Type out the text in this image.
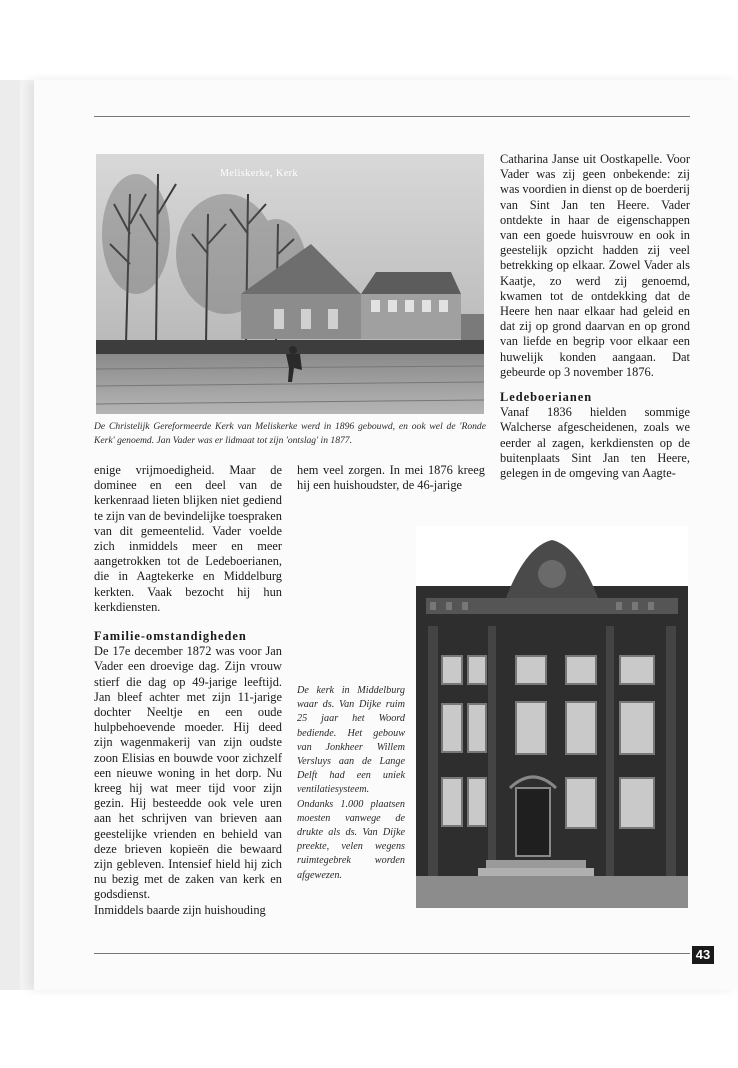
Meliskerke, Kerk
De Christelijk Gereformeerde Kerk van Meliskerke werd in 1896 gebouwd, en ook wel de 'Ronde Kerk' genoemd. Jan Vader was er lidmaat tot zijn 'ontslag' in 1877.

Catharina Janse uit Oostkapelle. Voor Vader was zij geen onbekende: zij was voordien in dienst op de boerderij van Sint Jan ten Heere. Vader ontdekte in haar de eigenschappen van een goede huisvrouw en ook in geestelijk opzicht hadden zij veel betrekking op elkaar. Zowel Vader als Kaatje, zo werd zij genoemd, kwamen tot de ontdekking dat de Heere hen naar elkaar had geleid en dat zij op grond daarvan en op grond van liefde en begrip voor elkaar een huwelijk konden aangaan. Dat gebeurde op 3 november 1876.

Ledeboerianen

Vanaf 1836 hielden sommige Walcherse afgescheidenen, zoals we eerder al zagen, kerkdiensten op de buitenplaats Sint Jan ten Heere, gelegen in de omgeving van Aagte-

enige vrijmoedigheid. Maar de dominee en een deel van de kerkenraad lieten blijken niet gediend te zijn van de bevindelijke toespraken van dit gemeentelid. Vader voelde zich inmiddels meer en meer aangetrokken tot de Ledeboerianen, die in Aagtekerke en Middelburg kerkten. Vaak bezocht hij hun kerkdiensten.

Familie-omstandigheden

De 17e december 1872 was voor Jan Vader een droevige dag. Zijn vrouw stierf die dag op 49-jarige leeftijd. Jan bleef achter met zijn 11-jarige dochter Neeltje en een oude hulpbehoevende moeder. Hij deed zijn wagenmakerij van zijn oudste zoon Elisias en bouwde voor zichzelf een nieuwe woning in het dorp. Nu kreeg hij wat meer tijd voor zijn gezin. Hij besteedde ook vele uren aan het schrijven van brieven aan geestelijke vrienden en behield van deze brieven kopieën die bewaard zijn gebleven. Intensief hield hij zich nu bezig met de zaken van kerk en godsdienst.

Inmiddels baarde zijn huishouding

hem veel zorgen. In mei 1876 kreeg hij een huishoudster, de 46-jarige

De kerk in Middelburg waar ds. Van Dijke ruim 25 jaar het Woord bediende. Het gebouw van Jonkheer Willem Versluys aan de Lange Delft had een uniek ventilatiesysteem. Ondanks 1.000 plaatsen moesten vanwege de drukte als ds. Van Dijke preekte, velen wegens ruimtegebrek worden afgewezen.
43
